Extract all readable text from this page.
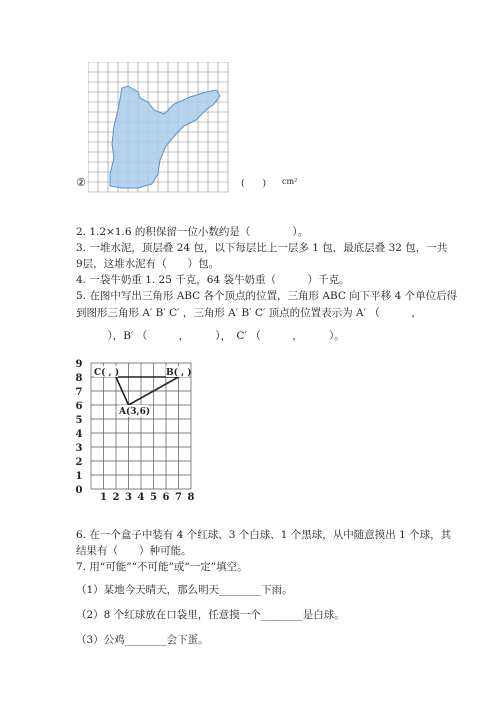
②	(　　) cm²
2. 1.2×1.6 的积保留一位小数约是（　　　　）。
3. 一堆水泥，顶层叠 24 包，以下每层比上一层多 1 包，最底层叠 32 包，一共
9层，这堆水泥有（　　）包。
4. 一袋牛奶重 1. 25 千克，64 袋牛奶重（　　　）千克。
5. 在图中写出三角形 ABC 各个顶点的位置，三角形 ABC 向下平移 4 个单位后得
到图形三角形 A′ B′ C′ ，三角形 A′ B′ C′ 顶点的位置表示为 A′ （　　　，
　　　），B′ （　　　，　　　），　C′ （　　　，　　　）。
0
1
2
3
4
5
6
7
8
9
1 2 3 4 5 6 7 8
A(3,6)
C( , )	B( , )
6. 在一个盒子中装有 4 个红球、3 个白球、1 个黑球，从中随意摸出 1 个球，其
结果有（　　）种可能。
7. 用“可能”“不可能”或“一定”填空。
（1）某地今天晴天，那么明天________下雨。
（2）8 个红球放在口袋里，任意摸一个________是白球。
（3）公鸡________会下蛋。
